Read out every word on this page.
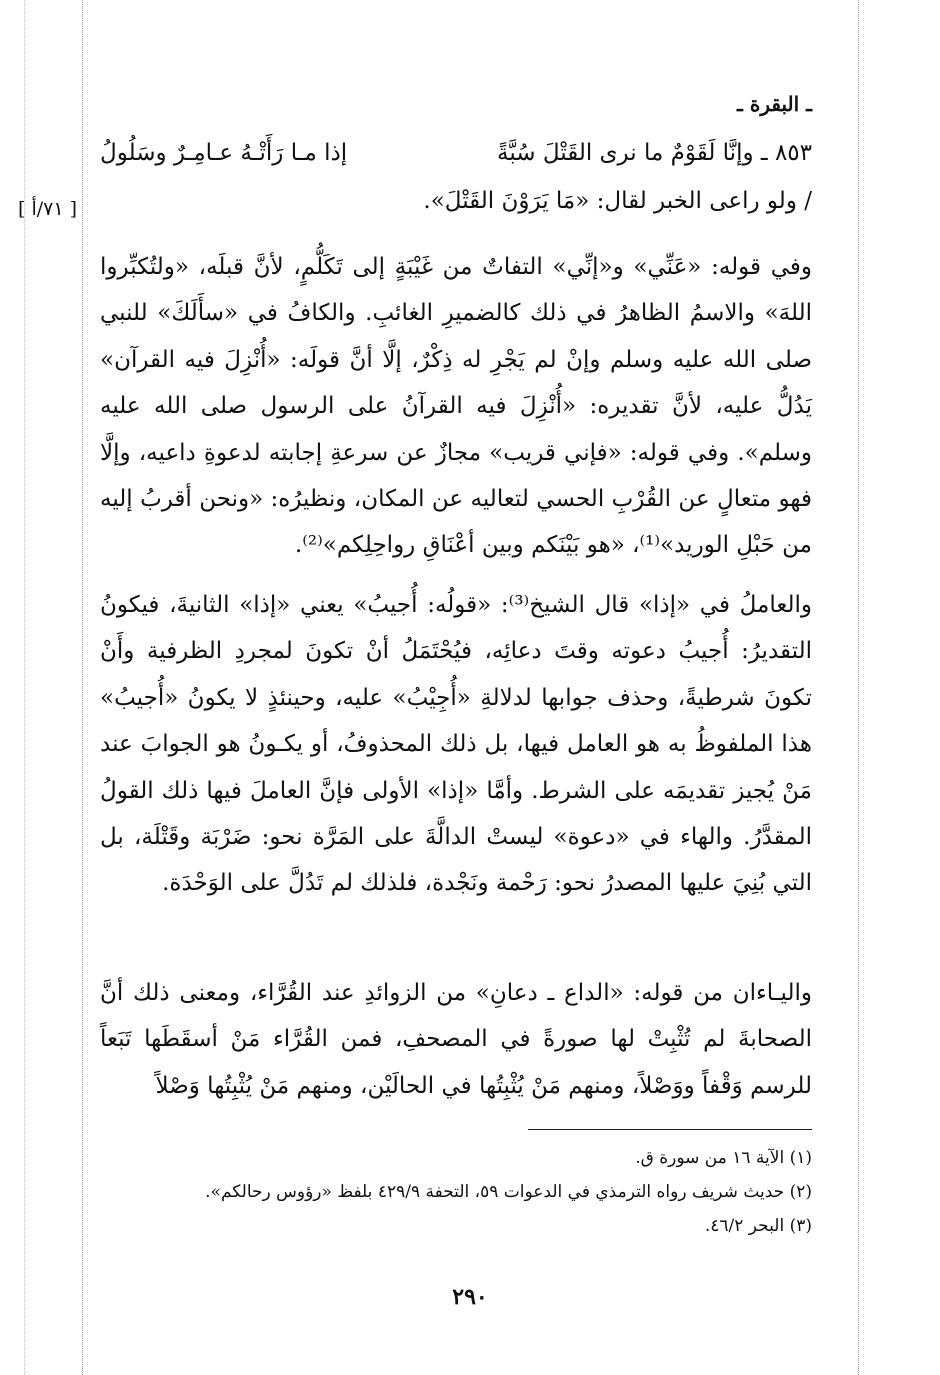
ـ البقرة ـ
٨٥٣ ـ وإنَّا لَقَوْمٌ ما نرى القَتْلَ سُبَّةً
إذا مـا رَأَتْـهُ عـامِـرٌ وسَلُولُ
/ ولو راعى الخبر لقال: «مَا يَرَوْنَ القَتْلَ».
[ ٧١/أ ]

وفي قوله: «عَنِّي» و«إنِّي» التفاتٌ من غَيْبَةٍ إلى تَكَلُّمٍ، لأنَّ قبلَه، «ولتُكبِّروا اللهَ» والاسمُ الظاهرُ في ذلك كالضميرِ الغائبِ. والكافُ في «سأَلَكَ» للنبي صلى الله عليه وسلم وإنْ لم يَجْرِ له ذِكْرٌ، إلَّا أنَّ قولَه: «أُنْزِلَ فيه القرآن» يَدُلُّ عليه، لأنَّ تقديره: «أُنْزِلَ فيه القرآنُ على الرسول صلى الله عليه وسلم». وفي قوله: «فإني قريب» مجازٌ عن سرعةِ إجابته لدعوةِ داعيه، وإلَّا فهو متعالٍ عن القُرْبِ الحسي لتعاليه عن المكان، ونظيرُه: «ونحن أقربُ إليه من حَبْلِ الوريد»⁽¹⁾، «هو بَيْنَكم وبين أعْنَاقِ رواحِلِكم»⁽²⁾.

والعاملُ في «إذا» قال الشيخ⁽³⁾: «قولُه: أُجيبُ» يعني «إذا» الثانيةَ، فيكونُ التقديرُ: أُجيبُ دعوته وقتَ دعائِه، فيُحْتَمَلُ أنْ تكونَ لمجردِ الظرفية وأَنْ تكونَ شرطيةً، وحذف جوابها لدلالةِ «أُجِيْبُ» عليه، وحينئذٍ لا يكونُ «أُجيبُ» هذا الملفوظُ به هو العامل فيها، بل ذلك المحذوفُ، أو يكـونُ هو الجوابَ عند مَنْ يُجيز تقديمَه على الشرط. وأمَّا «إذا» الأولى فإنَّ العاملَ فيها ذلك القولُ المقدَّرُ. والهاء في «دعوة» ليستْ الدالَّةَ على المَرَّة نحو: ضَرْبَة وقَتْلَة، بل التي بُنِيَ عليها المصدرُ نحو: رَحْمة ونَجْدة، فلذلك لم تَدُلَّ على الوَحْدَة.

واليـاءان من قوله: «الداع ـ دعانِ» من الزوائدِ عند القُرَّاء، ومعنى ذلك أنَّ الصحابةَ لم تُثْبِتْ لها صورةً في المصحفِ، فمن القُرَّاء مَنْ أسقَطَها تَبَعاً للرسم وَقْفاً ووَصْلاً، ومنهم مَنْ يُثْبِتُها في الحالَيْن، ومنهم مَنْ يُثْبِتُها وَصْلاً

(١) الآية ١٦ من سورة ق.
(٢) حديث شريف رواه الترمذي في الدعوات ٥٩، التحفة ٤٢٩/٩ بلفظ «رؤوس رحالكم».
(٣) البحر ٤٦/٢.
٢٩٠
